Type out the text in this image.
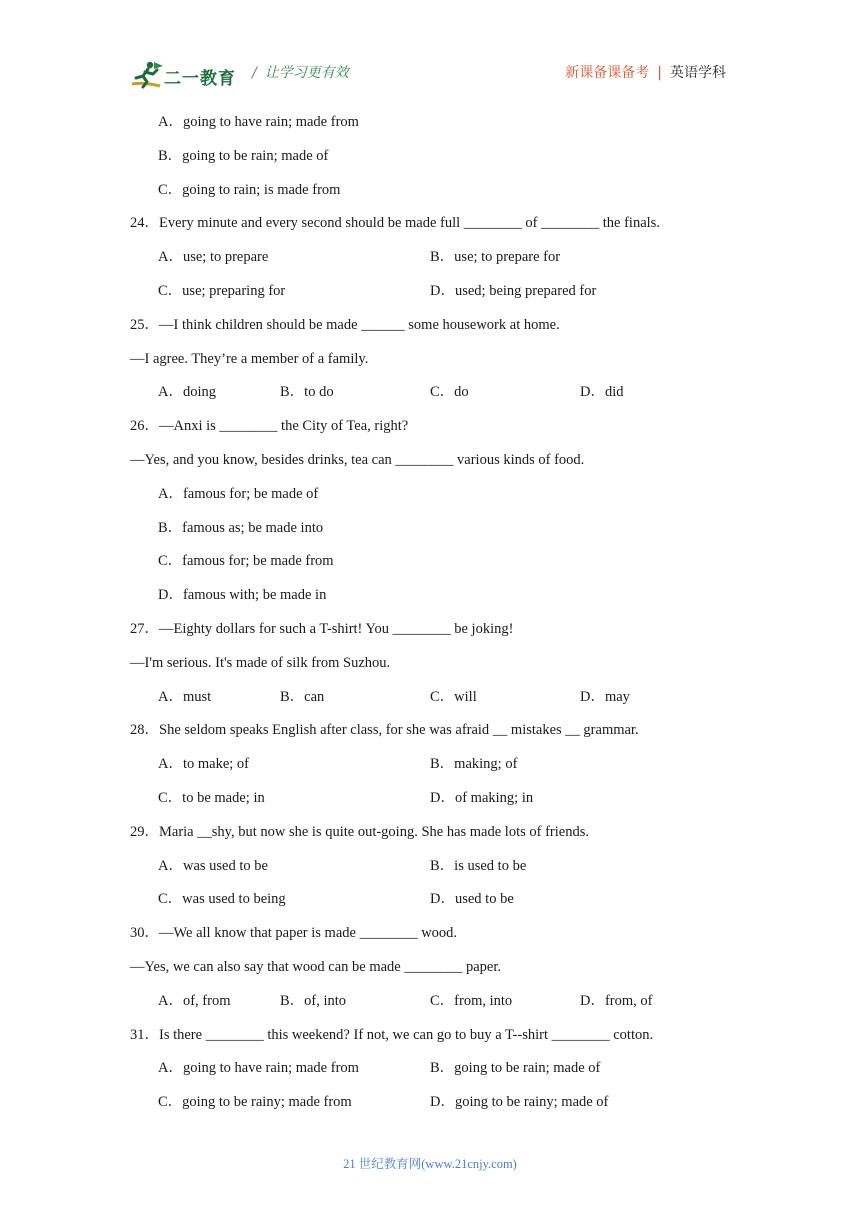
二一教育 / 让学习更有效	新课备课备考 | 英语学科
A．going to have rain; made from
B．going to be rain; made of
C．going to rain; is made from
24．Every minute and every second should be made full ________ of ________ the finals.
A．use; to prepare	B．use; to prepare for
C．use; preparing for	D．used; being prepared for
25．—I think children should be made ______ some housework at home.
—I agree. They’re a member of a family.
A．doing	B．to do	C．do	D．did
26．—Anxi is ________ the City of Tea, right?
—Yes, and you know, besides drinks, tea can ________ various kinds of food.
A．famous for; be made of
B．famous as; be made into
C．famous for; be made from
D．famous with; be made in
27．—Eighty dollars for such a T-shirt! You ________ be joking!
—I'm serious. It's made of silk from Suzhou.
A．must	B．can	C．will	D．may
28．She seldom speaks English after class, for she was afraid __ mistakes __ grammar.
A．to make; of	B．making; of
C．to be made; in	D．of making; in
29．Maria __shy, but now she is quite out-going. She has made lots of friends.
A．was used to be	B．is used to be
C．was used to being	D．used to be
30．—We all know that paper is made ________ wood.
—Yes, we can also say that wood can be made ________ paper.
A．of, from	B．of, into	C．from, into	D．from, of
31．Is there ________ this weekend? If not, we can go to buy a T--shirt ________ cotton.
A．going to have rain; made from	B．going to be rain; made of
C．going to be rainy; made from	D．going to be rainy; made of
21 世纪教育网(www.21cnjy.com)
